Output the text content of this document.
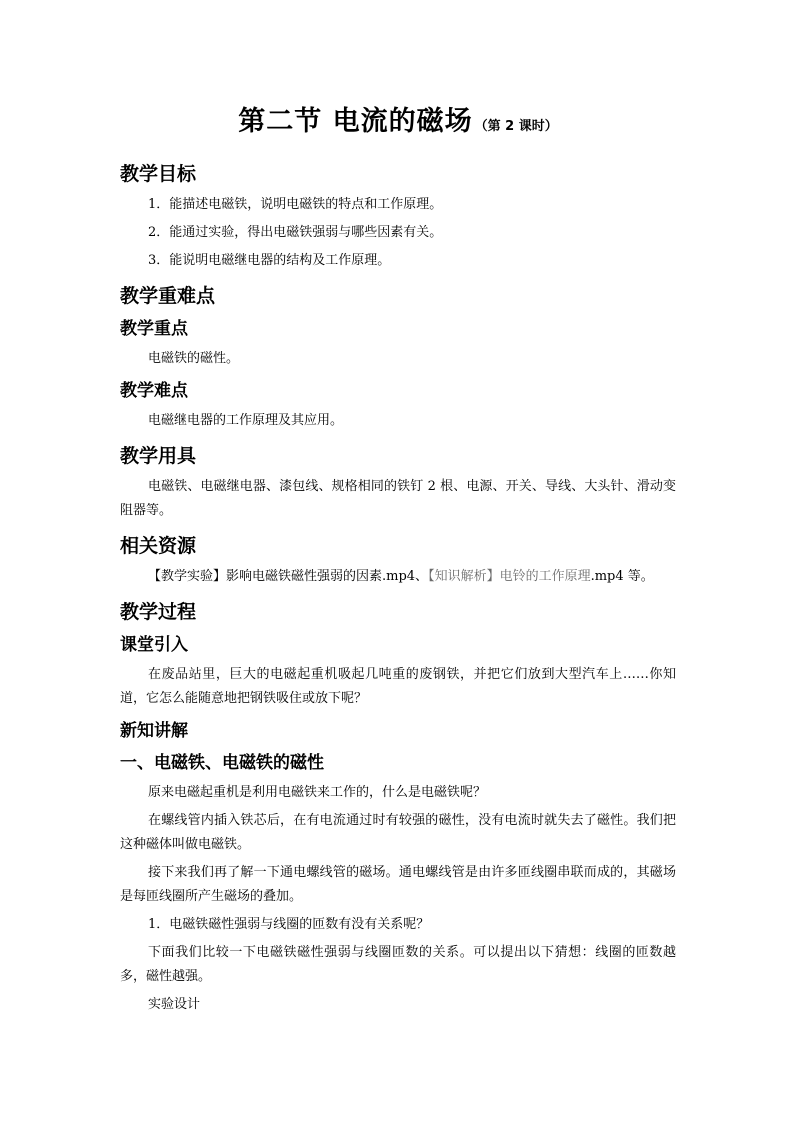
第二节 电流的磁场 （第 2 课时）
教学目标

1．能描述电磁铁，说明电磁铁的特点和工作原理。

2．能通过实验，得出电磁铁强弱与哪些因素有关。

3．能说明电磁继电器的结构及工作原理。

教学重难点
教学重点

电磁铁的磁性。

教学难点

电磁继电器的工作原理及其应用。

教学用具

电磁铁、电磁继电器、漆包线、规格相同的铁钉 2 根、电源、开关、导线、大头针、滑动变阻器等。

相关资源

【教学实验】影响电磁铁磁性强弱的因素.mp4、【知识解析】电铃的工作原理.mp4 等。

教学过程
课堂引入

在废品站里，巨大的电磁起重机吸起几吨重的废钢铁，并把它们放到大型汽车上……你知道，它怎么能随意地把钢铁吸住或放下呢？

新知讲解
一、电磁铁、电磁铁的磁性

原来电磁起重机是利用电磁铁来工作的，什么是电磁铁呢？

在螺线管内插入铁芯后，在有电流通过时有较强的磁性，没有电流时就失去了磁性。我们把这种磁体叫做电磁铁。

接下来我们再了解一下通电螺线管的磁场。通电螺线管是由许多匝线圈串联而成的，其磁场是每匝线圈所产生磁场的叠加。

1．电磁铁磁性强弱与线圈的匝数有没有关系呢？

下面我们比较一下电磁铁磁性强弱与线圈匝数的关系。可以提出以下猜想：线圈的匝数越多，磁性越强。

实验设计
